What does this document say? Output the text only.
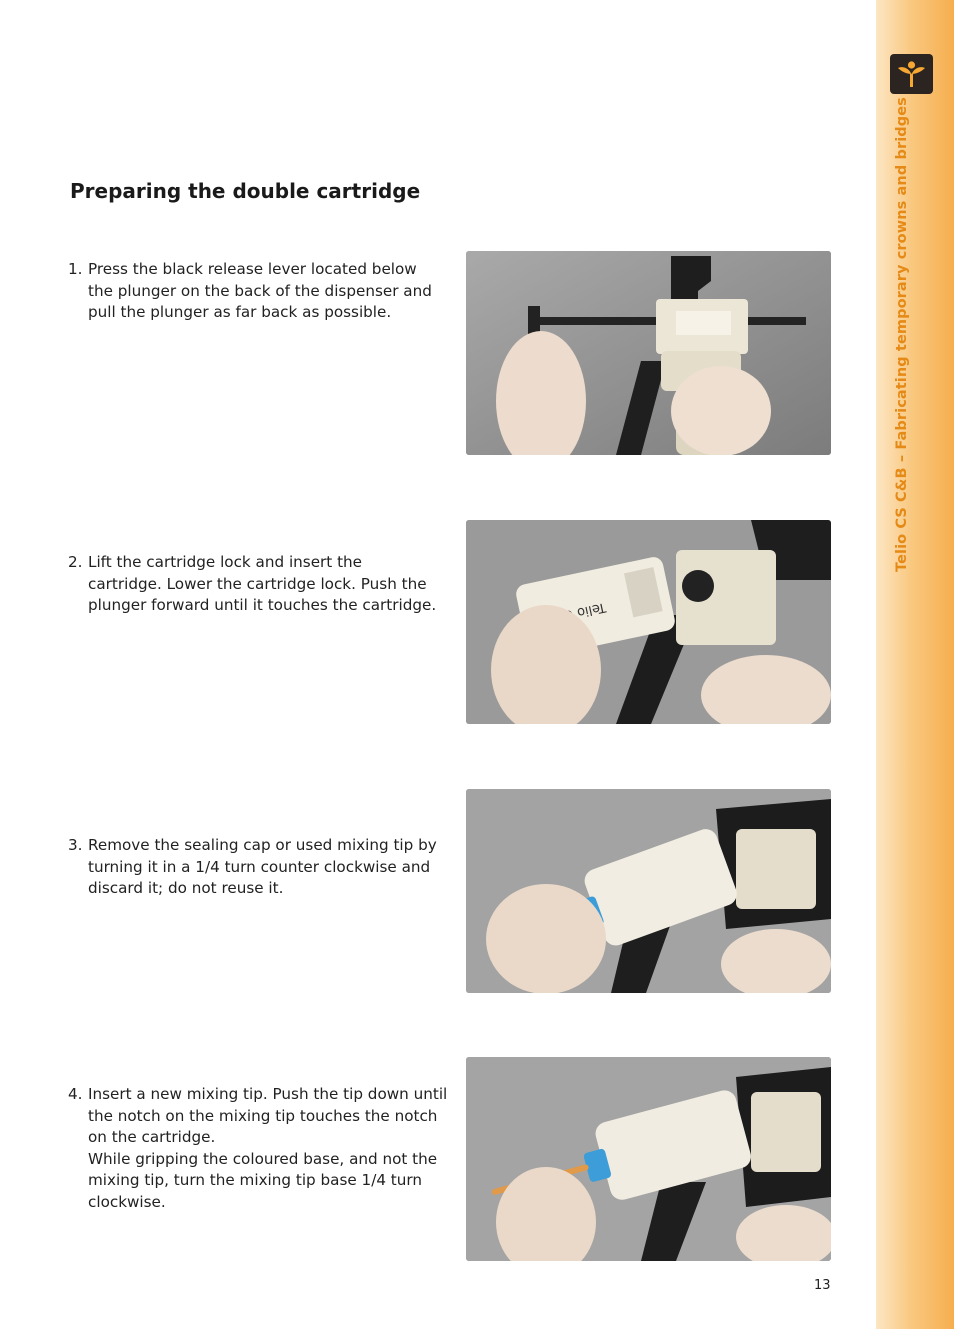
Telio CS C&B – Fabricating temporary crowns and bridges
Preparing the double cartridge
1. Press the black release lever located below the plunger on the back of the dispenser and pull the plunger as far back as possible.
2. Lift the cartridge lock and insert the cartridge. Lower the cartridge lock. Push the plunger forward until it touches the cartridge.
3. Remove the sealing cap or used mixing tip by turning it in a 1/4 turn counter clockwise and discard it; do not reuse it.
4. Insert a new mixing tip. Push the tip down until the notch on the mixing tip touches the notch on the cartridge.
While gripping the coloured base, and not the mixing tip, turn the mixing tip base 1/4 turn clockwise.
Telio
13
